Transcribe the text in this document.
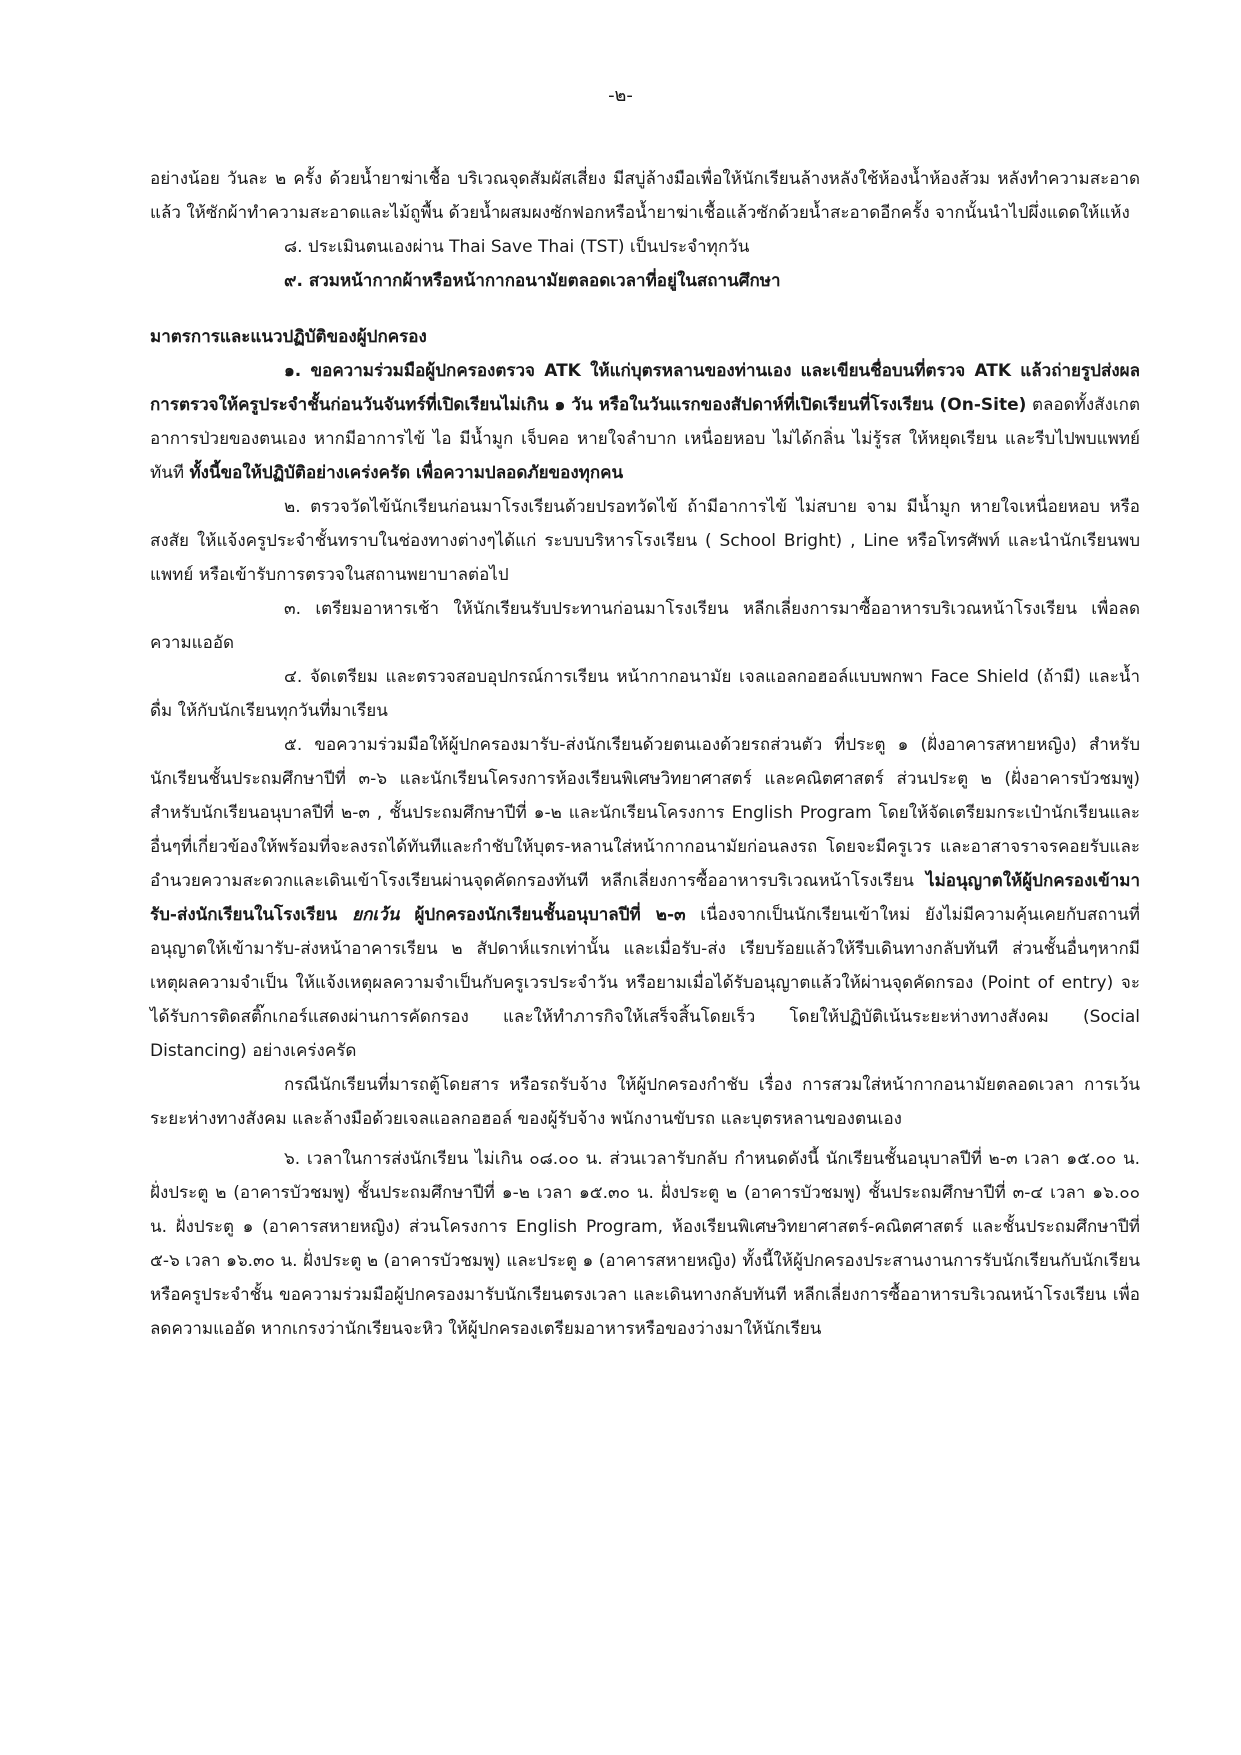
-๒-

อย่างน้อย วันละ ๒ ครั้ง ด้วยน้ำยาฆ่าเชื้อ บริเวณจุดสัมผัสเสี่ยง มีสบู่ล้างมือเพื่อให้นักเรียนล้างหลังใช้ห้องน้ำห้องส้วม หลังทำความสะอาดแล้ว ให้ซักผ้าทำความสะอาดและไม้ถูพื้น ด้วยน้ำผสมผงซักฟอกหรือน้ำยาฆ่าเชื้อแล้วซักด้วยน้ำสะอาดอีกครั้ง จากนั้นนำไปผึ่งแดดให้แห้ง

๘. ประเมินตนเองผ่าน Thai Save Thai (TST) เป็นประจำทุกวัน

๙. สวมหน้ากากผ้าหรือหน้ากากอนามัยตลอดเวลาที่อยู่ในสถานศึกษา

มาตรการและแนวปฏิบัติของผู้ปกครอง

๑. ขอความร่วมมือผู้ปกครองตรวจ ATK ให้แก่บุตรหลานของท่านเอง และเขียนชื่อบนที่ตรวจ ATK แล้วถ่ายรูปส่งผลการตรวจให้ครูประจำชั้นก่อนวันจันทร์ที่เปิดเรียนไม่เกิน ๑ วัน หรือในวันแรกของสัปดาห์ที่เปิดเรียนที่โรงเรียน (On-Site) ตลอดทั้งสังเกตอาการป่วยของตนเอง หากมีอาการไข้ ไอ มีน้ำมูก เจ็บคอ หายใจลำบาก เหนื่อยหอบ ไม่ได้กลิ่น ไม่รู้รส ให้หยุดเรียน และรีบไปพบแพทย์ทันที ทั้งนี้ขอให้ปฏิบัติอย่างเคร่งครัด เพื่อความปลอดภัยของทุกคน

๒. ตรวจวัดไข้นักเรียนก่อนมาโรงเรียนด้วยปรอทวัดไข้ ถ้ามีอาการไข้ ไม่สบาย จาม มีน้ำมูก หายใจเหนื่อยหอบ หรือสงสัย ให้แจ้งครูประจำชั้นทราบในช่องทางต่างๆได้แก่ ระบบบริหารโรงเรียน ( School Bright) , Line หรือโทรศัพท์ และนำนักเรียนพบแพทย์ หรือเข้ารับการตรวจในสถานพยาบาลต่อไป

๓. เตรียมอาหารเช้า ให้นักเรียนรับประทานก่อนมาโรงเรียน หลีกเลี่ยงการมาซื้ออาหารบริเวณหน้าโรงเรียน เพื่อลดความแออัด

๔. จัดเตรียม และตรวจสอบอุปกรณ์การเรียน หน้ากากอนามัย เจลแอลกอฮอล์แบบพกพา Face Shield (ถ้ามี) และน้ำดื่ม ให้กับนักเรียนทุกวันที่มาเรียน

๕. ขอความร่วมมือให้ผู้ปกครองมารับ-ส่งนักเรียนด้วยตนเองด้วยรถส่วนตัว ที่ประตู ๑ (ฝั่งอาคารสหายหญิง) สำหรับนักเรียนชั้นประถมศึกษาปีที่ ๓-๖ และนักเรียนโครงการห้องเรียนพิเศษวิทยาศาสตร์ และคณิตศาสตร์ ส่วนประตู ๒ (ฝั่งอาคารบัวชมพู) สำหรับนักเรียนอนุบาลปีที่ ๒-๓ , ชั้นประถมศึกษาปีที่ ๑-๒ และนักเรียนโครงการ English Program โดยให้จัดเตรียมกระเป๋านักเรียนและอื่นๆที่เกี่ยวข้องให้พร้อมที่จะลงรถได้ทันทีและกำชับให้บุตร-หลานใส่หน้ากากอนามัยก่อนลงรถ โดยจะมีครูเวร และอาสาจราจรคอยรับและอำนวยความสะดวกและเดินเข้าโรงเรียนผ่านจุดคัดกรองทันที หลีกเลี่ยงการซื้ออาหารบริเวณหน้าโรงเรียน ไม่อนุญาตให้ผู้ปกครองเข้ามารับ-ส่งนักเรียนในโรงเรียน ยกเว้น ผู้ปกครองนักเรียนชั้นอนุบาลปีที่ ๒-๓ เนื่องจากเป็นนักเรียนเข้าใหม่ ยังไม่มีความคุ้นเคยกับสถานที่ อนุญาตให้เข้ามารับ-ส่งหน้าอาคารเรียน ๒ สัปดาห์แรกเท่านั้น และเมื่อรับ-ส่ง เรียบร้อยแล้วให้รีบเดินทางกลับทันที ส่วนชั้นอื่นๆหากมีเหตุผลความจำเป็น ให้แจ้งเหตุผลความจำเป็นกับครูเวรประจำวัน หรือยามเมื่อได้รับอนุญาตแล้วให้ผ่านจุดคัดกรอง (Point of entry) จะได้รับการติดสติ๊กเกอร์แสดงผ่านการคัดกรอง และให้ทำภารกิจให้เสร็จสิ้นโดยเร็ว โดยให้ปฏิบัติเน้นระยะห่างทางสังคม (Social Distancing) อย่างเคร่งครัด

กรณีนักเรียนที่มารถตู้โดยสาร หรือรถรับจ้าง ให้ผู้ปกครองกำชับ เรื่อง การสวมใส่หน้ากากอนามัยตลอดเวลา การเว้นระยะห่างทางสังคม และล้างมือด้วยเจลแอลกอฮอล์ ของผู้รับจ้าง พนักงานขับรถ และบุตรหลานของตนเอง

๖. เวลาในการส่งนักเรียน ไม่เกิน ๐๘.๐๐ น. ส่วนเวลารับกลับ กำหนดดังนี้ นักเรียนชั้นอนุบาลปีที่ ๒-๓ เวลา ๑๕.๐๐ น. ฝั่งประตู ๒ (อาคารบัวชมพู) ชั้นประถมศึกษาปีที่ ๑-๒ เวลา ๑๕.๓๐ น. ฝั่งประตู ๒ (อาคารบัวชมพู) ชั้นประถมศึกษาปีที่ ๓-๔ เวลา ๑๖.๐๐ น. ฝั่งประตู ๑ (อาคารสหายหญิง) ส่วนโครงการ English Program, ห้องเรียนพิเศษวิทยาศาสตร์-คณิตศาสตร์ และชั้นประถมศึกษาปีที่ ๕-๖ เวลา ๑๖.๓๐ น. ฝั่งประตู ๒ (อาคารบัวชมพู) และประตู ๑ (อาคารสหายหญิง) ทั้งนี้ให้ผู้ปกครองประสานงานการรับนักเรียนกับนักเรียน หรือครูประจำชั้น ขอความร่วมมือผู้ปกครองมารับนักเรียนตรงเวลา และเดินทางกลับทันที หลีกเลี่ยงการซื้ออาหารบริเวณหน้าโรงเรียน เพื่อลดความแออัด หากเกรงว่านักเรียนจะหิว ให้ผู้ปกครองเตรียมอาหารหรือของว่างมาให้นักเรียน
